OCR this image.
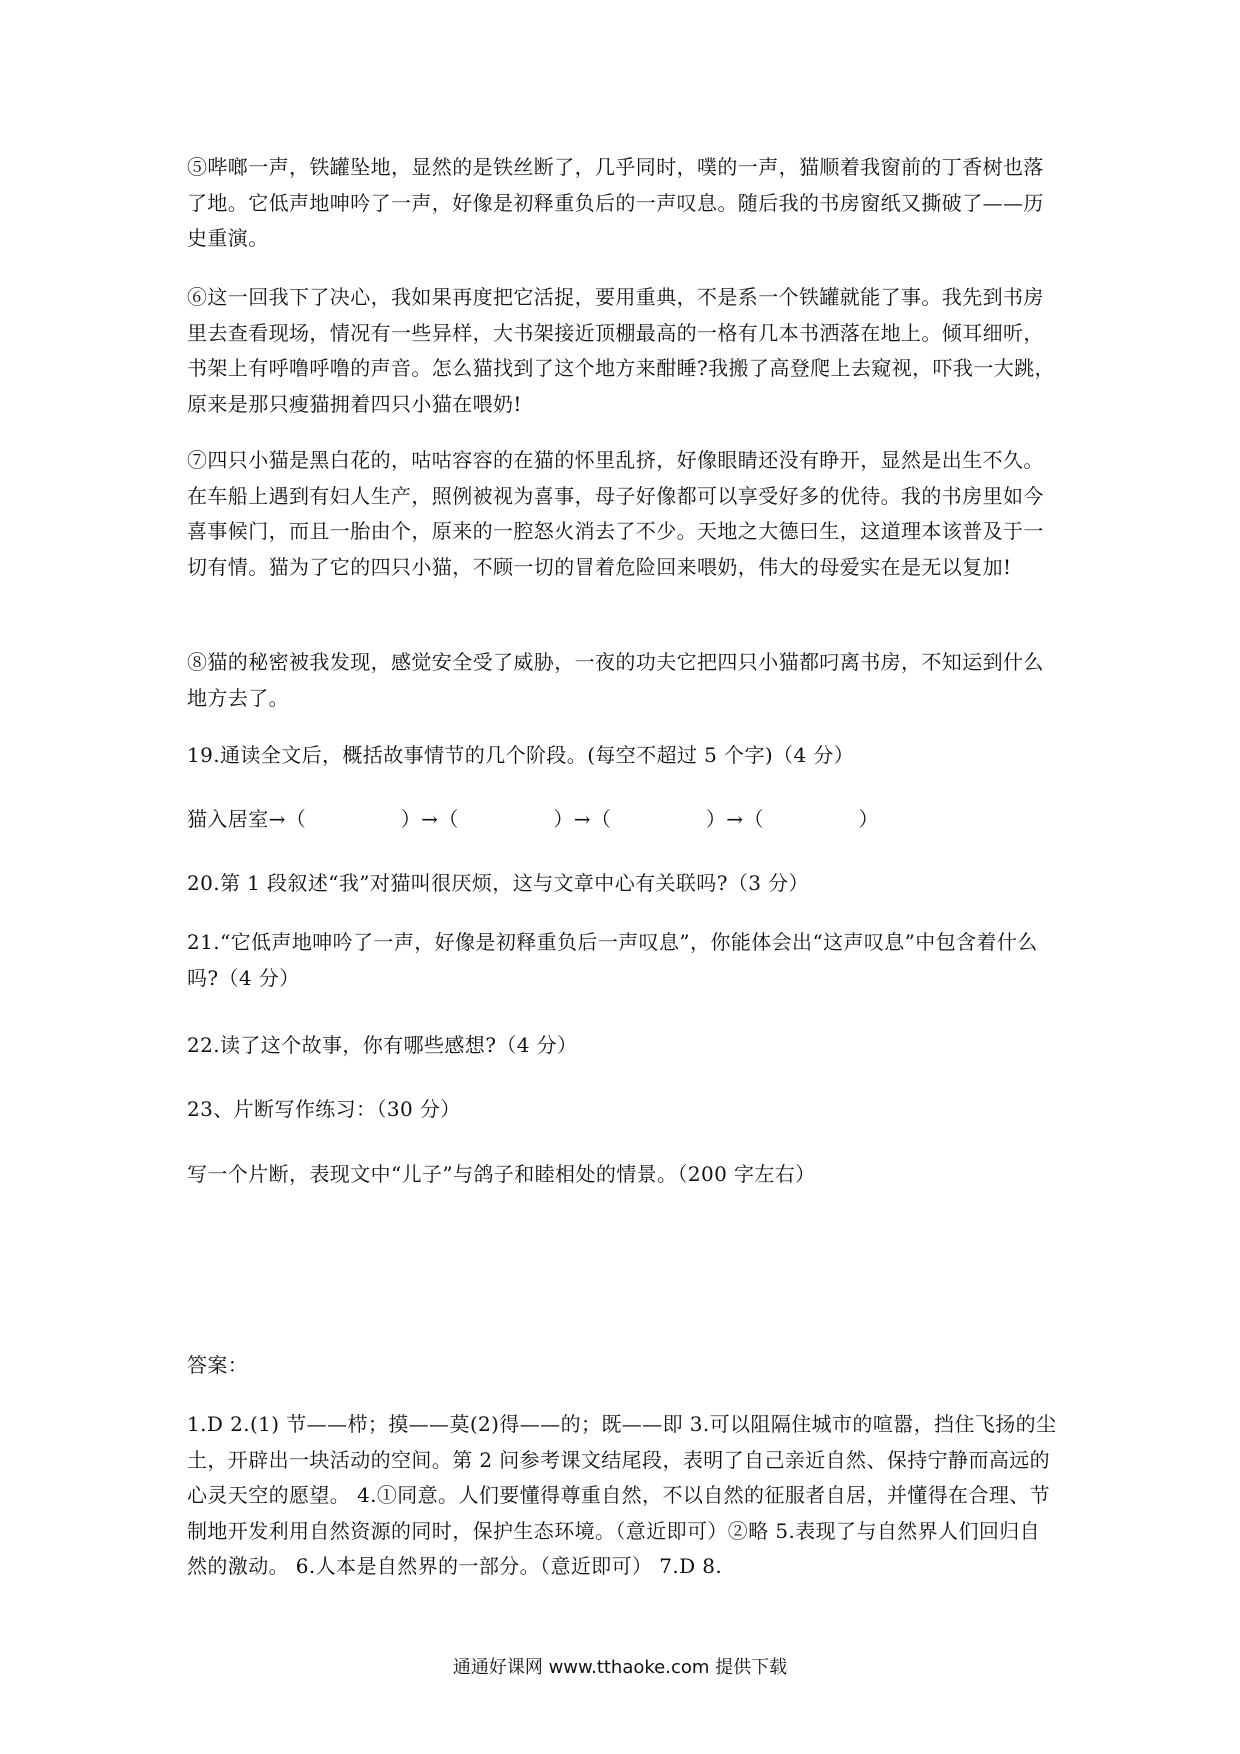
⑤哔啷一声，铁罐坠地，显然的是铁丝断了，几乎同时，噗的一声，猫顺着我窗前的丁香树也落了地。它低声地呻吟了一声，好像是初释重负后的一声叹息。随后我的书房窗纸又撕破了——历史重演。
⑥这一回我下了决心，我如果再度把它活捉，要用重典，不是系一个铁罐就能了事。我先到书房里去查看现场，情况有一些异样，大书架接近顶棚最高的一格有几本书洒落在地上。倾耳细听，书架上有呼噜呼噜的声音。怎么猫找到了这个地方来酣睡?我搬了高登爬上去窥视，吓我一大跳，原来是那只瘦猫拥着四只小猫在喂奶!
⑦四只小猫是黑白花的，咕咕容容的在猫的怀里乱挤，好像眼睛还没有睁开，显然是出生不久。在车船上遇到有妇人生产，照例被视为喜事，母子好像都可以享受好多的优待。我的书房里如今喜事候门，而且一胎由个，原来的一腔怒火消去了不少。天地之大德曰生，这道理本该普及于一切有情。猫为了它的四只小猫，不顾一切的冒着危险回来喂奶，伟大的母爱实在是无以复加!
⑧猫的秘密被我发现，感觉安全受了威胁，一夜的功夫它把四只小猫都叼离书房，不知运到什么地方去了。
19.通读全文后，概括故事情节的几个阶段。(每空不超过 5 个字)（4 分）
猫入居室→（              ）→（              ）→（              ）→（              ）
20.第 1 段叙述“我”对猫叫很厌烦，这与文章中心有关联吗?（3 分）
21.“它低声地呻吟了一声，好像是初释重负后一声叹息”，你能体会出“这声叹息”中包含着什么吗?（4 分）
22.读了这个故事，你有哪些感想?（4 分）
23、片断写作练习：（30 分）
写一个片断，表现文中“儿子”与鸽子和睦相处的情景。（200 字左右）
答案：
1.D 2.(1) 节——栉；摸——莫(2)得——的；既——即 3.可以阻隔住城市的喧嚣，挡住飞扬的尘土，开辟出一块活动的空间。第 2 问参考课文结尾段，表明了自己亲近自然、保持宁静而高远的心灵天空的愿望。 4.①同意。人们要懂得尊重自然，不以自然的征服者自居，并懂得在合理、节制地开发利用自然资源的同时，保护生态环境。（意近即可）②略 5.表现了与自然界人们回归自然的激动。 6.人本是自然界的一部分。（意近即可） 7.D 8.
通通好课网 www.tthaoke.com 提供下载
